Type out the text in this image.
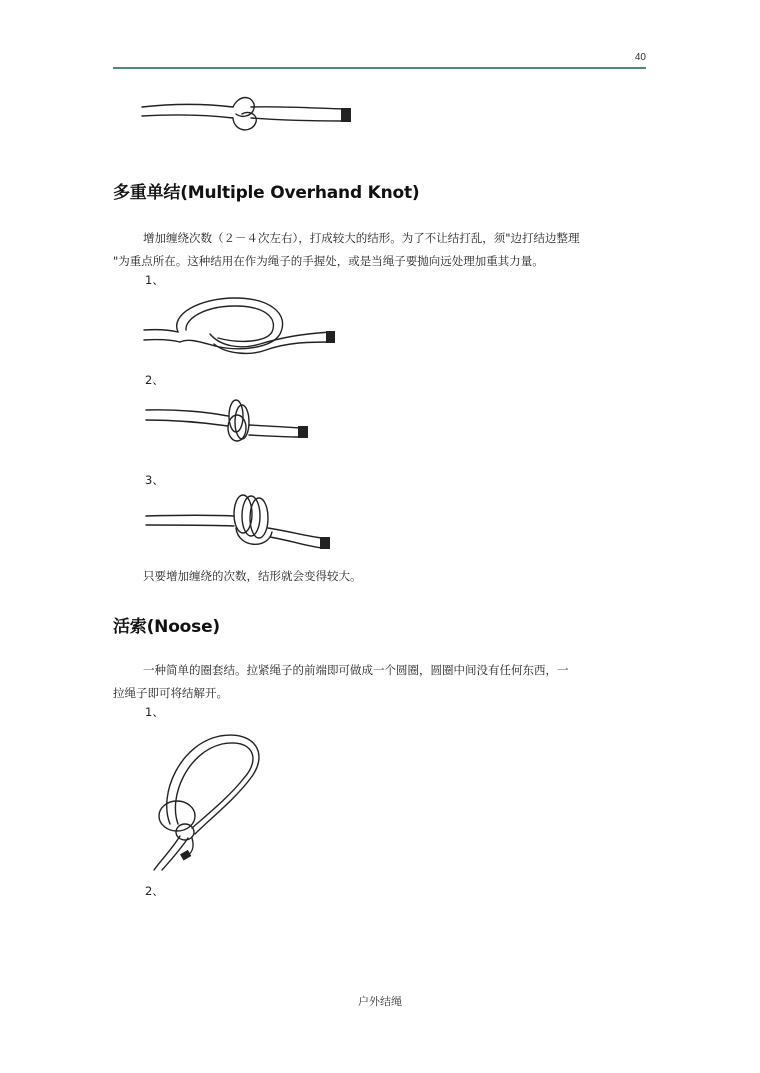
40
多重单结(Multiple Overhand Knot)
增加缠绕次数（２－４次左右），打成较大的结形。为了不让结打乱，须"边打结边整理
"为重点所在。这种结用在作为绳子的手握处，或是当绳子要抛向远处理加重其力量。
1、
2、
3、
只要增加缠绕的次数，结形就会变得较大。
活索(Noose)
一种简单的圈套结。拉紧绳子的前端即可做成一个圆圈，圆圈中间没有任何东西，一
拉绳子即可将结解开。
1、
2、
户外结绳
